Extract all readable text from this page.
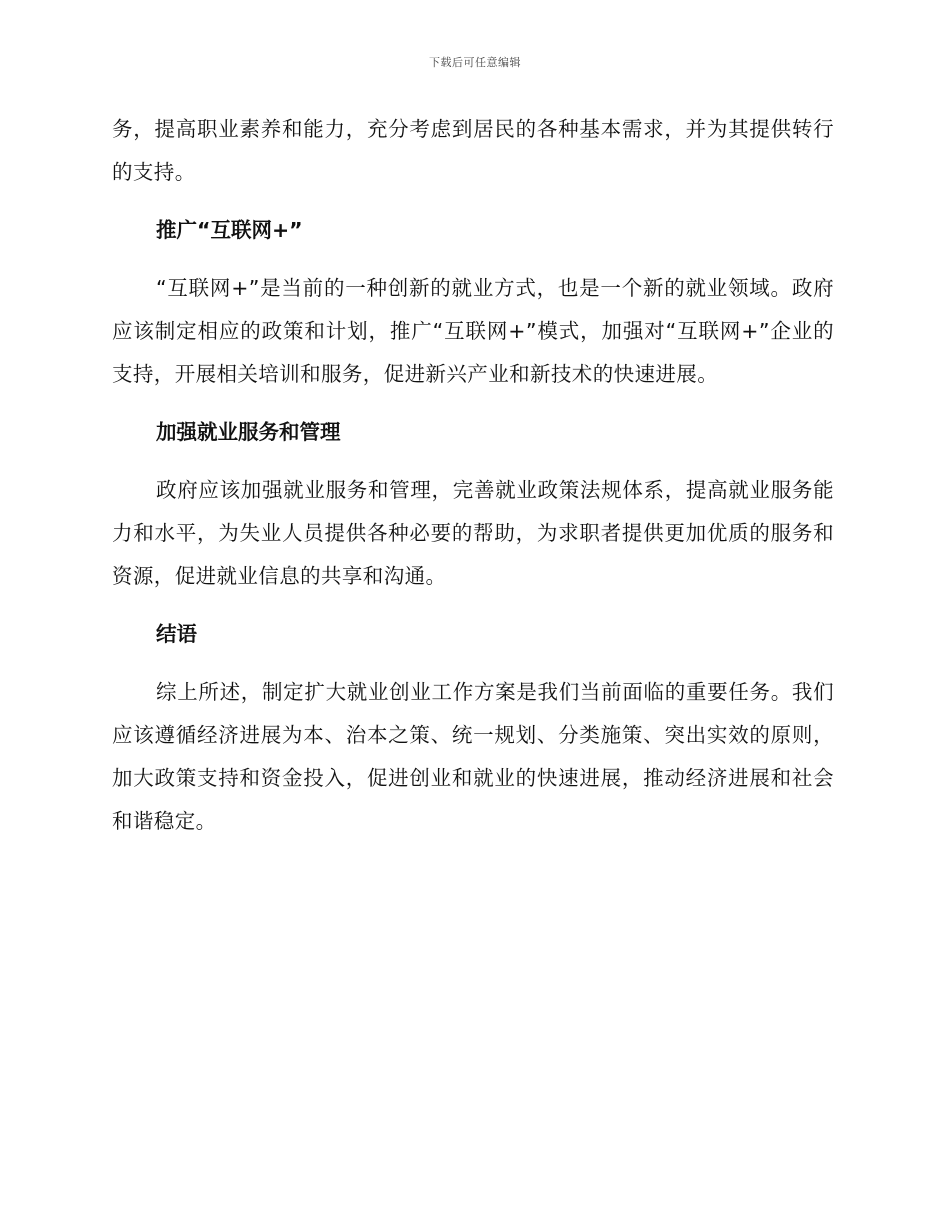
下载后可任意编辑

务，提高职业素养和能力，充分考虑到居民的各种基本需求，并为其提供转行的支持。

推广“互联网+”

“互联网+”是当前的一种创新的就业方式，也是一个新的就业领域。政府应该制定相应的政策和计划，推广“互联网+”模式，加强对“互联网+”企业的支持，开展相关培训和服务，促进新兴产业和新技术的快速进展。

加强就业服务和管理

政府应该加强就业服务和管理，完善就业政策法规体系，提高就业服务能力和水平，为失业人员提供各种必要的帮助，为求职者提供更加优质的服务和资源，促进就业信息的共享和沟通。

结语

综上所述，制定扩大就业创业工作方案是我们当前面临的重要任务。我们应该遵循经济进展为本、治本之策、统一规划、分类施策、突出实效的原则，加大政策支持和资金投入，促进创业和就业的快速进展，推动经济进展和社会和谐稳定。
